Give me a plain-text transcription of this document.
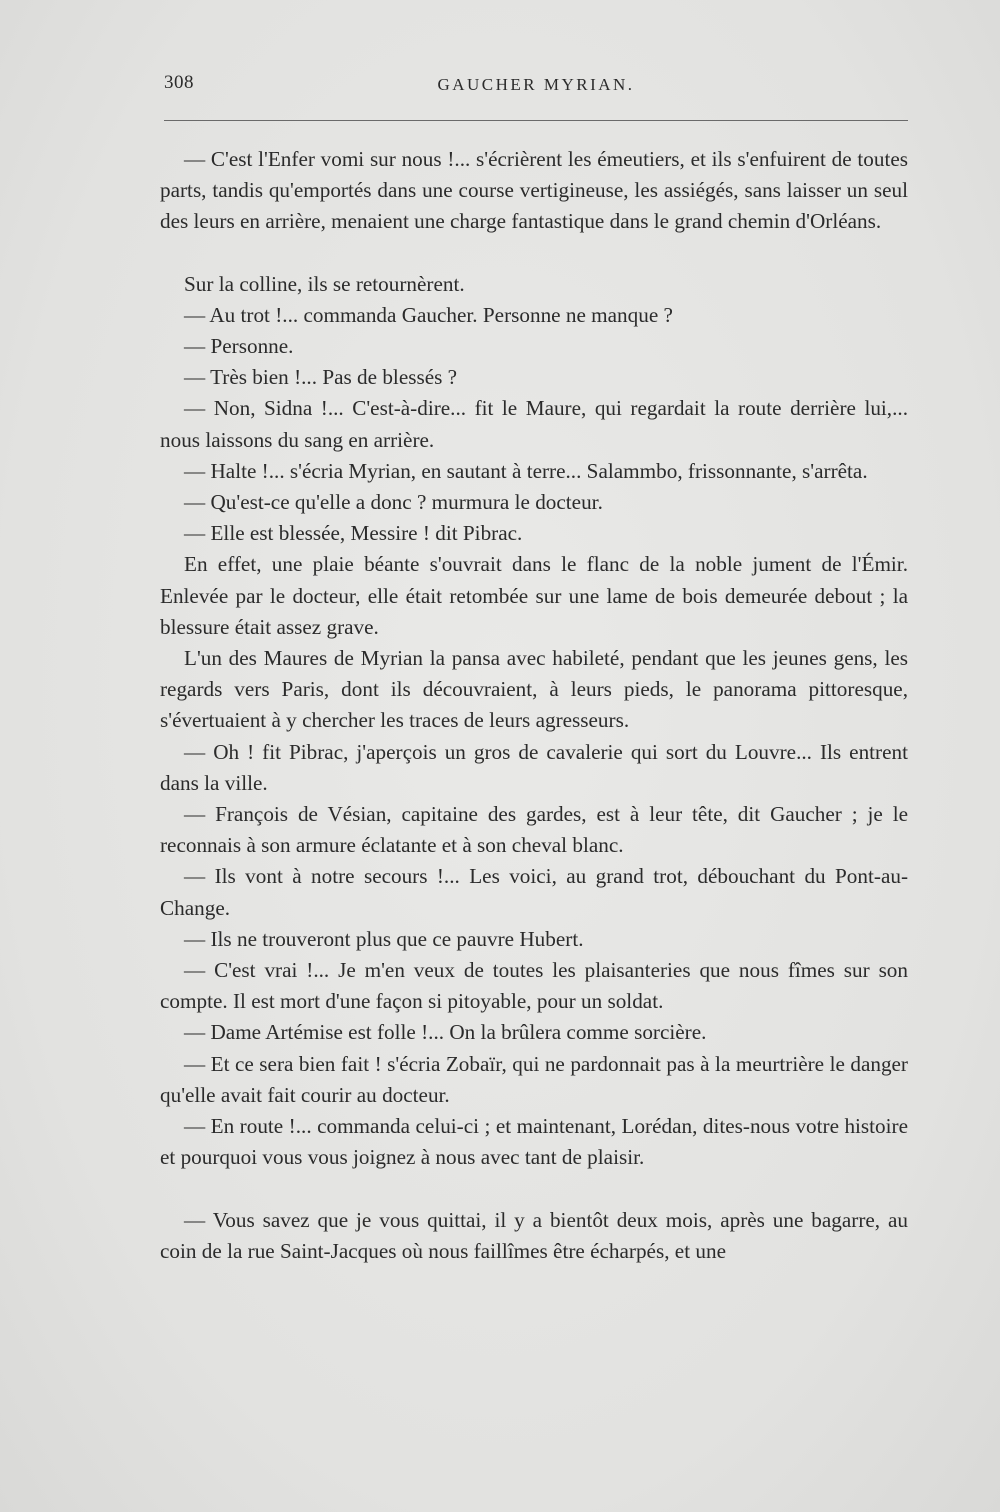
308	GAUCHER MYRIAN.

— C'est l'Enfer vomi sur nous !... s'écrièrent les émeutiers, et ils s'enfuirent de toutes parts, tandis qu'emportés dans une course vertigineuse, les assiégés, sans laisser un seul des leurs en arrière, menaient une charge fantastique dans le grand chemin d'Orléans.

Sur la colline, ils se retournèrent.

— Au trot !... commanda Gaucher. Personne ne manque ?

— Personne.

— Très bien !... Pas de blessés ?

— Non, Sidna !... C'est-à-dire... fit le Maure, qui regardait la route derrière lui,... nous laissons du sang en arrière.

— Halte !... s'écria Myrian, en sautant à terre... Salammbo, frissonnante, s'arrêta.

— Qu'est-ce qu'elle a donc ? murmura le docteur.

— Elle est blessée, Messire ! dit Pibrac.

En effet, une plaie béante s'ouvrait dans le flanc de la noble jument de l'Émir. Enlevée par le docteur, elle était retombée sur une lame de bois demeurée debout ; la blessure était assez grave.

L'un des Maures de Myrian la pansa avec habileté, pendant que les jeunes gens, les regards vers Paris, dont ils découvraient, à leurs pieds, le panorama pittoresque, s'évertuaient à y chercher les traces de leurs agresseurs.

— Oh ! fit Pibrac, j'aperçois un gros de cavalerie qui sort du Louvre... Ils entrent dans la ville.

— François de Vésian, capitaine des gardes, est à leur tête, dit Gaucher ; je le reconnais à son armure éclatante et à son cheval blanc.

— Ils vont à notre secours !... Les voici, au grand trot, débouchant du Pont-au-Change.

— Ils ne trouveront plus que ce pauvre Hubert.

— C'est vrai !... Je m'en veux de toutes les plaisanteries que nous fîmes sur son compte. Il est mort d'une façon si pitoyable, pour un soldat.

— Dame Artémise est folle !... On la brûlera comme sorcière.

— Et ce sera bien fait ! s'écria Zobaïr, qui ne pardonnait pas à la meurtrière le danger qu'elle avait fait courir au docteur.

— En route !... commanda celui-ci ; et maintenant, Lorédan, dites-nous votre histoire et pourquoi vous vous joignez à nous avec tant de plaisir.

— Vous savez que je vous quittai, il y a bientôt deux mois, après une bagarre, au coin de la rue Saint-Jacques où nous faillîmes être écharpés, et une
